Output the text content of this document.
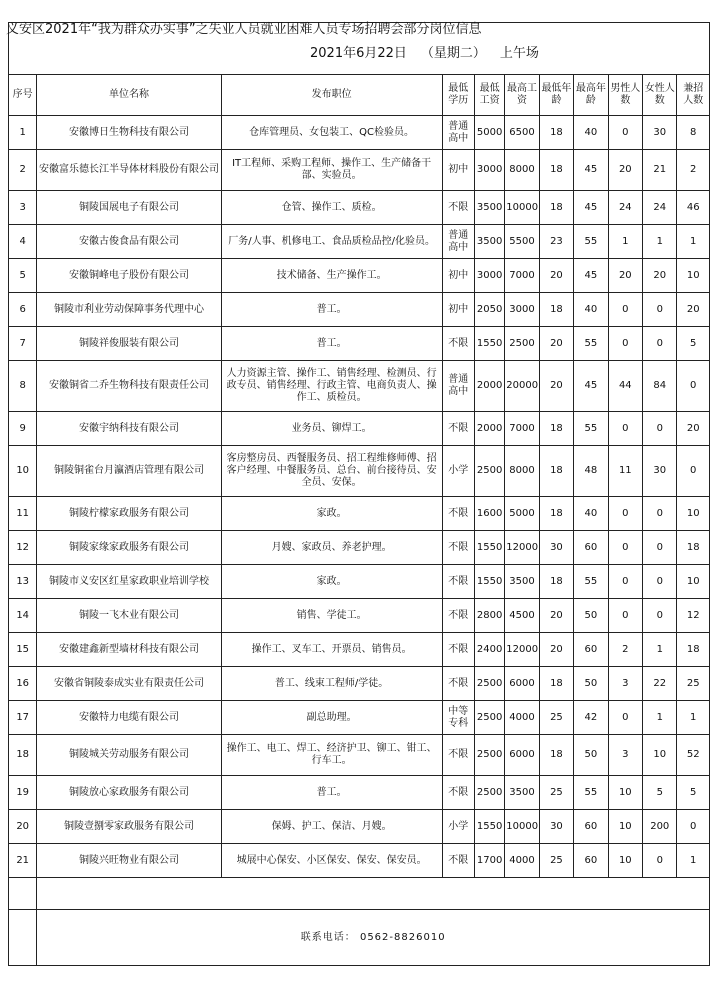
序号	单位名称	发布职位	最低学历	最低工资	最高工资	最低年龄	最高年龄	男性人数	女性人数	兼招人数
1	安徽博日生物科技有限公司	仓库管理员、女包装工、QC检验员。	普通高中	5000	6500	18	40	0	30	8
2	安徽富乐德长江半导体材料股份有限公司	IT工程师、采购工程师、操作工、生产储备干部、实验员。	初中	3000	8000	18	45	20	21	2
3	铜陵国展电子有限公司	仓管、操作工、质检。	不限	3500	10000	18	45	24	24	46
4	安徽古俊食品有限公司	厂务/人事、机修电工、食品质检品控/化验员。	普通高中	3500	5500	23	55	1	1	1
5	安徽铜峰电子股份有限公司	技术储备、生产操作工。	初中	3000	7000	20	45	20	20	10
6	铜陵市利业劳动保障事务代理中心	普工。	初中	2050	3000	18	40	0	0	20
7	铜陵祥俊服装有限公司	普工。	不限	1550	2500	20	55	0	0	5
8	安徽铜省二乔生物科技有限责任公司	人力资源主管、操作工、销售经理、检测员、行政专员、销售经理、行政主管、电商负责人、操作工、质检员。	普通高中	2000	20000	20	45	44	84	0
9	安徽宇纳科技有限公司	业务员、铆焊工。	不限	2000	7000	18	55	0	0	20
10	铜陵铜雀台月瀛酒店管理有限公司	客房整房员、西餐服务员、招工程维修师傅、招客户经理、中餐服务员、总台、前台接待员、安全员、安保。	小学	2500	8000	18	48	11	30	0
11	铜陵柠檬家政服务有限公司	家政。	不限	1600	5000	18	40	0	0	10
12	铜陵家缘家政服务有限公司	月嫂、家政员、养老护理。	不限	1550	12000	30	60	0	0	18
13	铜陵市义安区红星家政职业培训学校	家政。	不限	1550	3500	18	55	0	0	10
14	铜陵一飞木业有限公司	销售、学徒工。	不限	2800	4500	20	50	0	0	12
15	安徽建鑫新型墙材科技有限公司	操作工、叉车工、开票员、销售员。	不限	2400	12000	20	60	2	1	18
16	安徽省铜陵泰成实业有限责任公司	普工、线束工程师/学徒。	不限	2500	6000	18	50	3	22	25
17	安徽特力电缆有限公司	副总助理。	中等专科	2500	4000	25	42	0	1	1
18	铜陵城关劳动服务有限公司	操作工、电工、焊工、经济护卫、铆工、钳工、行车工。	不限	2500	6000	18	50	3	10	52
19	铜陵放心家政服务有限公司	普工。	不限	2500	3500	25	55	10	5	5
20	铜陵壹捌零家政服务有限公司	保姆、护工、保洁、月嫂。	小学	1550	10000	30	60	10	200	0
21	铜陵兴旺物业有限公司	城展中心保安、小区保安、保安、保安员。	不限	1700	4000	25	60	10	0	1

	联系电话： 0562-8826010									
义安区2021年“我为群众办实事”之失业人员就业困难人员专场招聘会部分岗位信息
2021年6月22日 （星期二） 上午场
